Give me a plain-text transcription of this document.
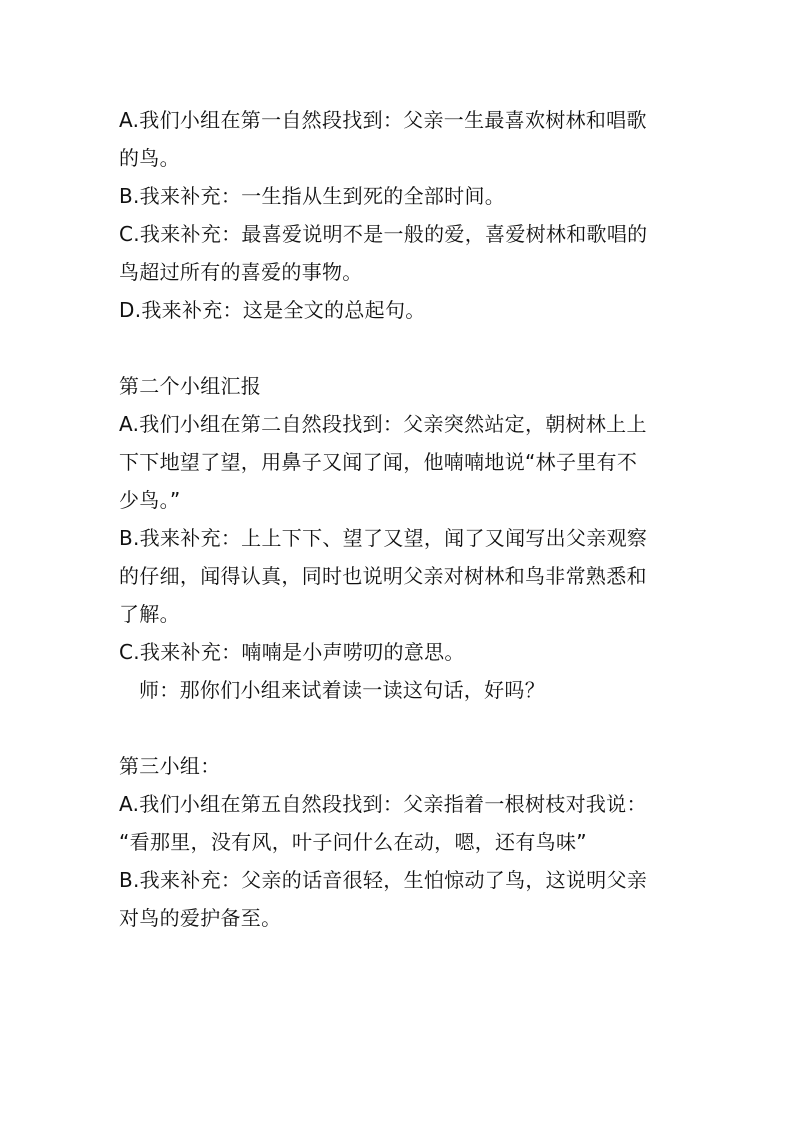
A.我们小组在第一自然段找到：父亲一生最喜欢树林和唱歌
的鸟。
B.我来补充：一生指从生到死的全部时间。
C.我来补充：最喜爱说明不是一般的爱，喜爱树林和歌唱的
鸟超过所有的喜爱的事物。
D.我来补充：这是全文的总起句。
第二个小组汇报
A.我们小组在第二自然段找到：父亲突然站定，朝树林上上
下下地望了望，用鼻子又闻了闻，他喃喃地说“林子里有不
少鸟。”
B.我来补充：上上下下、望了又望，闻了又闻写出父亲观察
的仔细，闻得认真，同时也说明父亲对树林和鸟非常熟悉和
了解。
C.我来补充：喃喃是小声唠叨的意思。
师：那你们小组来试着读一读这句话，好吗？
第三小组：
A.我们小组在第五自然段找到：父亲指着一根树枝对我说：
“看那里，没有风，叶子问什么在动，嗯，还有鸟味”
B.我来补充：父亲的话音很轻，生怕惊动了鸟，这说明父亲
对鸟的爱护备至。
